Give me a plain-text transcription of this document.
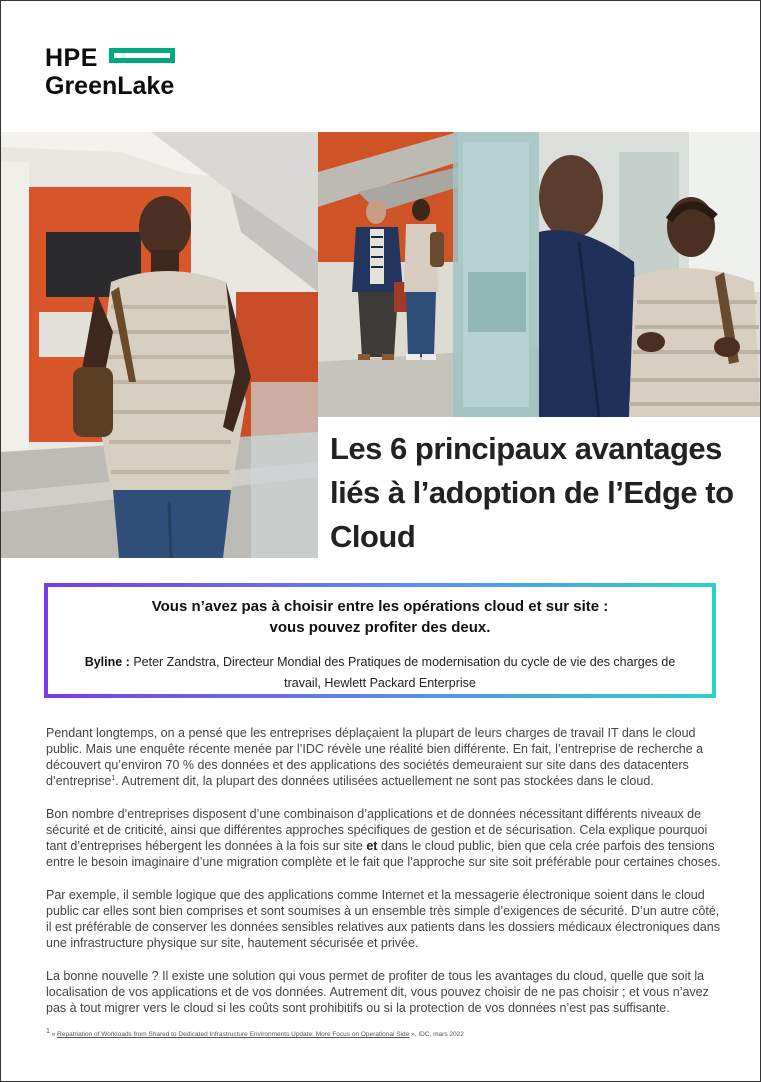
HPE
GreenLake
Les 6 principaux avantages liés à l’adoption de l’Edge to Cloud

Vous n’avez pas à choisir entre les opérations cloud et sur site :
vous pouvez profiter des deux.

Byline : Peter Zandstra, Directeur Mondial des Pratiques de modernisation du cycle de vie des charges de travail, Hewlett Packard Enterprise

Pendant longtemps, on a pensé que les entreprises déplaçaient la plupart de leurs charges de travail IT dans le cloud public. Mais une enquête récente menée par l’IDC révèle une réalité bien différente. En fait, l’entreprise de recherche a découvert qu’environ 70 % des données et des applications des sociétés demeuraient sur site dans des datacenters d’entreprise$^1$. Autrement dit, la plupart des données utilisées actuellement ne sont pas stockées dans le cloud.

Bon nombre d’entreprises disposent d’une combinaison d’applications et de données nécessitant différents niveaux de sécurité et de criticité, ainsi que différentes approches spécifiques de gestion et de sécurisation. Cela explique pourquoi tant d’entreprises hébergent les données à la fois sur site et dans le cloud public, bien que cela crée parfois des tensions entre le besoin imaginaire d’une migration complète et le fait que l’approche sur site soit préférable pour certaines choses.

Par exemple, il semble logique que des applications comme Internet et la messagerie électronique soient dans le cloud public car elles sont bien comprises et sont soumises à un ensemble très simple d’exigences de sécurité. D’un autre côté, il est préférable de conserver les données sensibles relatives aux patients dans les dossiers médicaux électroniques dans une infrastructure physique sur site, hautement sécurisée et privée.

La bonne nouvelle ? Il existe une solution qui vous permet de profiter de tous les avantages du cloud, quelle que soit la localisation de vos applications et de vos données. Autrement dit, vous pouvez choisir de ne pas choisir ; et vous n’avez pas à tout migrer vers le cloud si les coûts sont prohibitifs ou si la protection de vos données n’est pas suffisante.

$^1$ « Repatriation of Workloads from Shared to Dedicated Infrastructure Environments Update: More Focus on Operational Side », IDC, mars 2022
